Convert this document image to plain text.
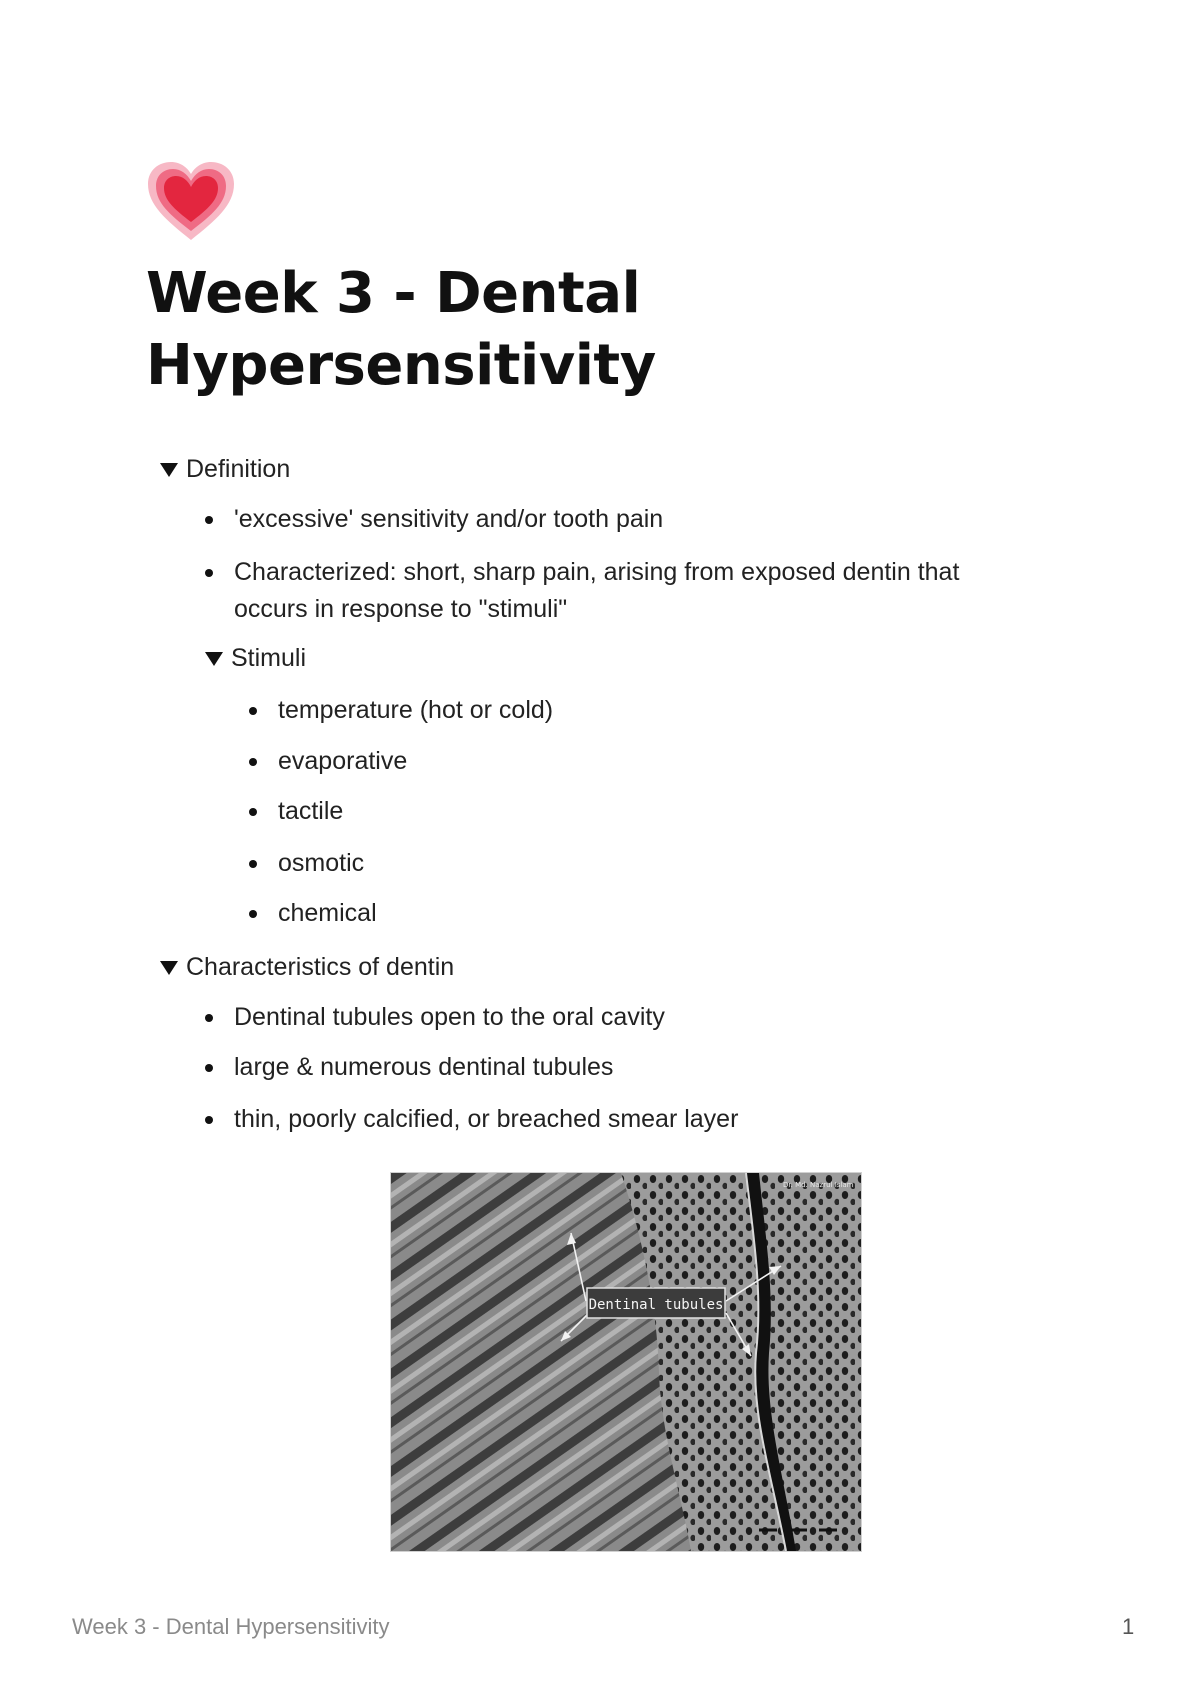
Week 3 - Dental Hypersensitivity
Definition
'excessive' sensitivity and/or tooth pain
Characterized: short, sharp pain, arising from exposed dentin that occurs in response to "stimuli"
Stimuli
temperature (hot or cold)
evaporative
tactile
osmotic
chemical
Characteristics of dentin
Dentinal tubules open to the oral cavity
large & numerous dentinal tubules
thin, poorly calcified, or breached smear layer
Dentinal tubules
Dr. Md. Nazrul Islam
Week 3 - Dental Hypersensitivity	1
